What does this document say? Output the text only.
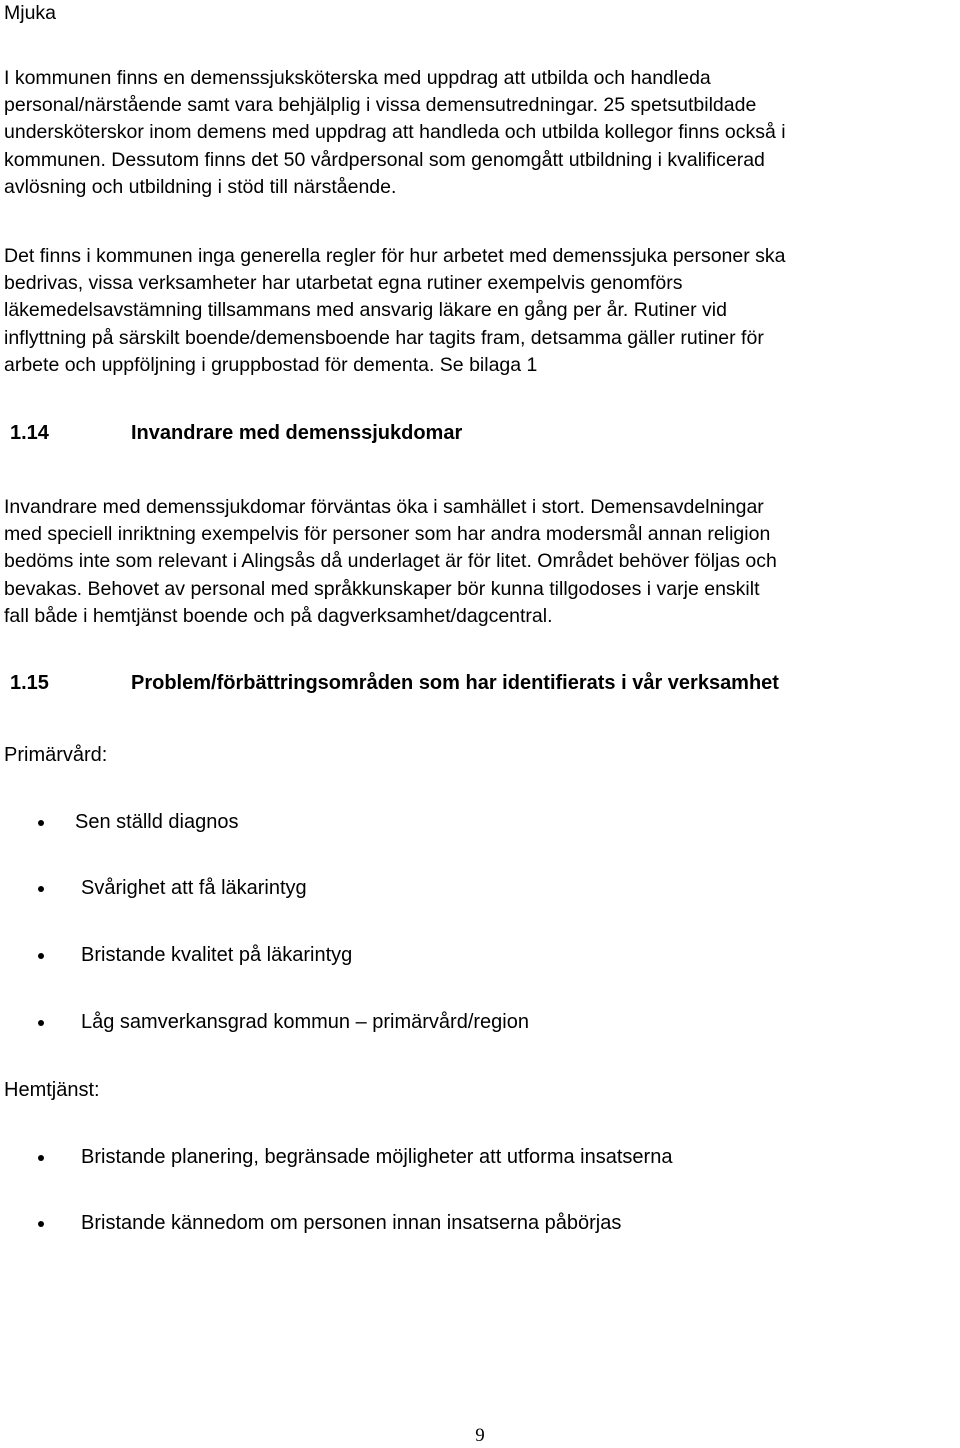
Mjuka

I kommunen finns en demenssjuksköterska med uppdrag att utbilda och handleda
personal/närstående samt vara behjälplig i vissa demensutredningar. 25 spetsutbildade
undersköterskor inom demens med uppdrag att handleda och utbilda kollegor finns också i
kommunen. Dessutom finns det 50 vårdpersonal som genomgått utbildning i kvalificerad
avlösning och utbildning i stöd till närstående.

Det finns i kommunen inga generella regler för hur arbetet med demenssjuka personer ska
bedrivas, vissa verksamheter har utarbetat egna rutiner exempelvis genomförs
läkemedelsavstämning tillsammans med ansvarig läkare en gång per år. Rutiner vid
inflyttning på särskilt boende/demensboende har tagits fram, detsamma gäller rutiner för
arbete och uppföljning i gruppbostad för dementa. Se bilaga 1

1.14	Invandrare med demenssjukdomar

Invandrare med demenssjukdomar förväntas öka i samhället i stort. Demensavdelningar
med speciell inriktning exempelvis för personer som har andra modersmål annan religion
bedöms inte som relevant i Alingsås då underlaget är för litet. Området behöver följas och
bevakas. Behovet av personal med språkkunskaper bör kunna tillgodoses i varje enskilt
fall både i hemtjänst boende och på dagverksamhet/dagcentral.

1.15	Problem/förbättringsområden som har identifierats i vår verksamhet

Primärvård:

Sen ställd diagnos
Svårighet att få läkarintyg
Bristande kvalitet på läkarintyg
Låg samverkansgrad kommun – primärvård/region

Hemtjänst:

Bristande planering, begränsade möjligheter att utforma insatserna
Bristande kännedom om personen innan insatserna påbörjas
9
